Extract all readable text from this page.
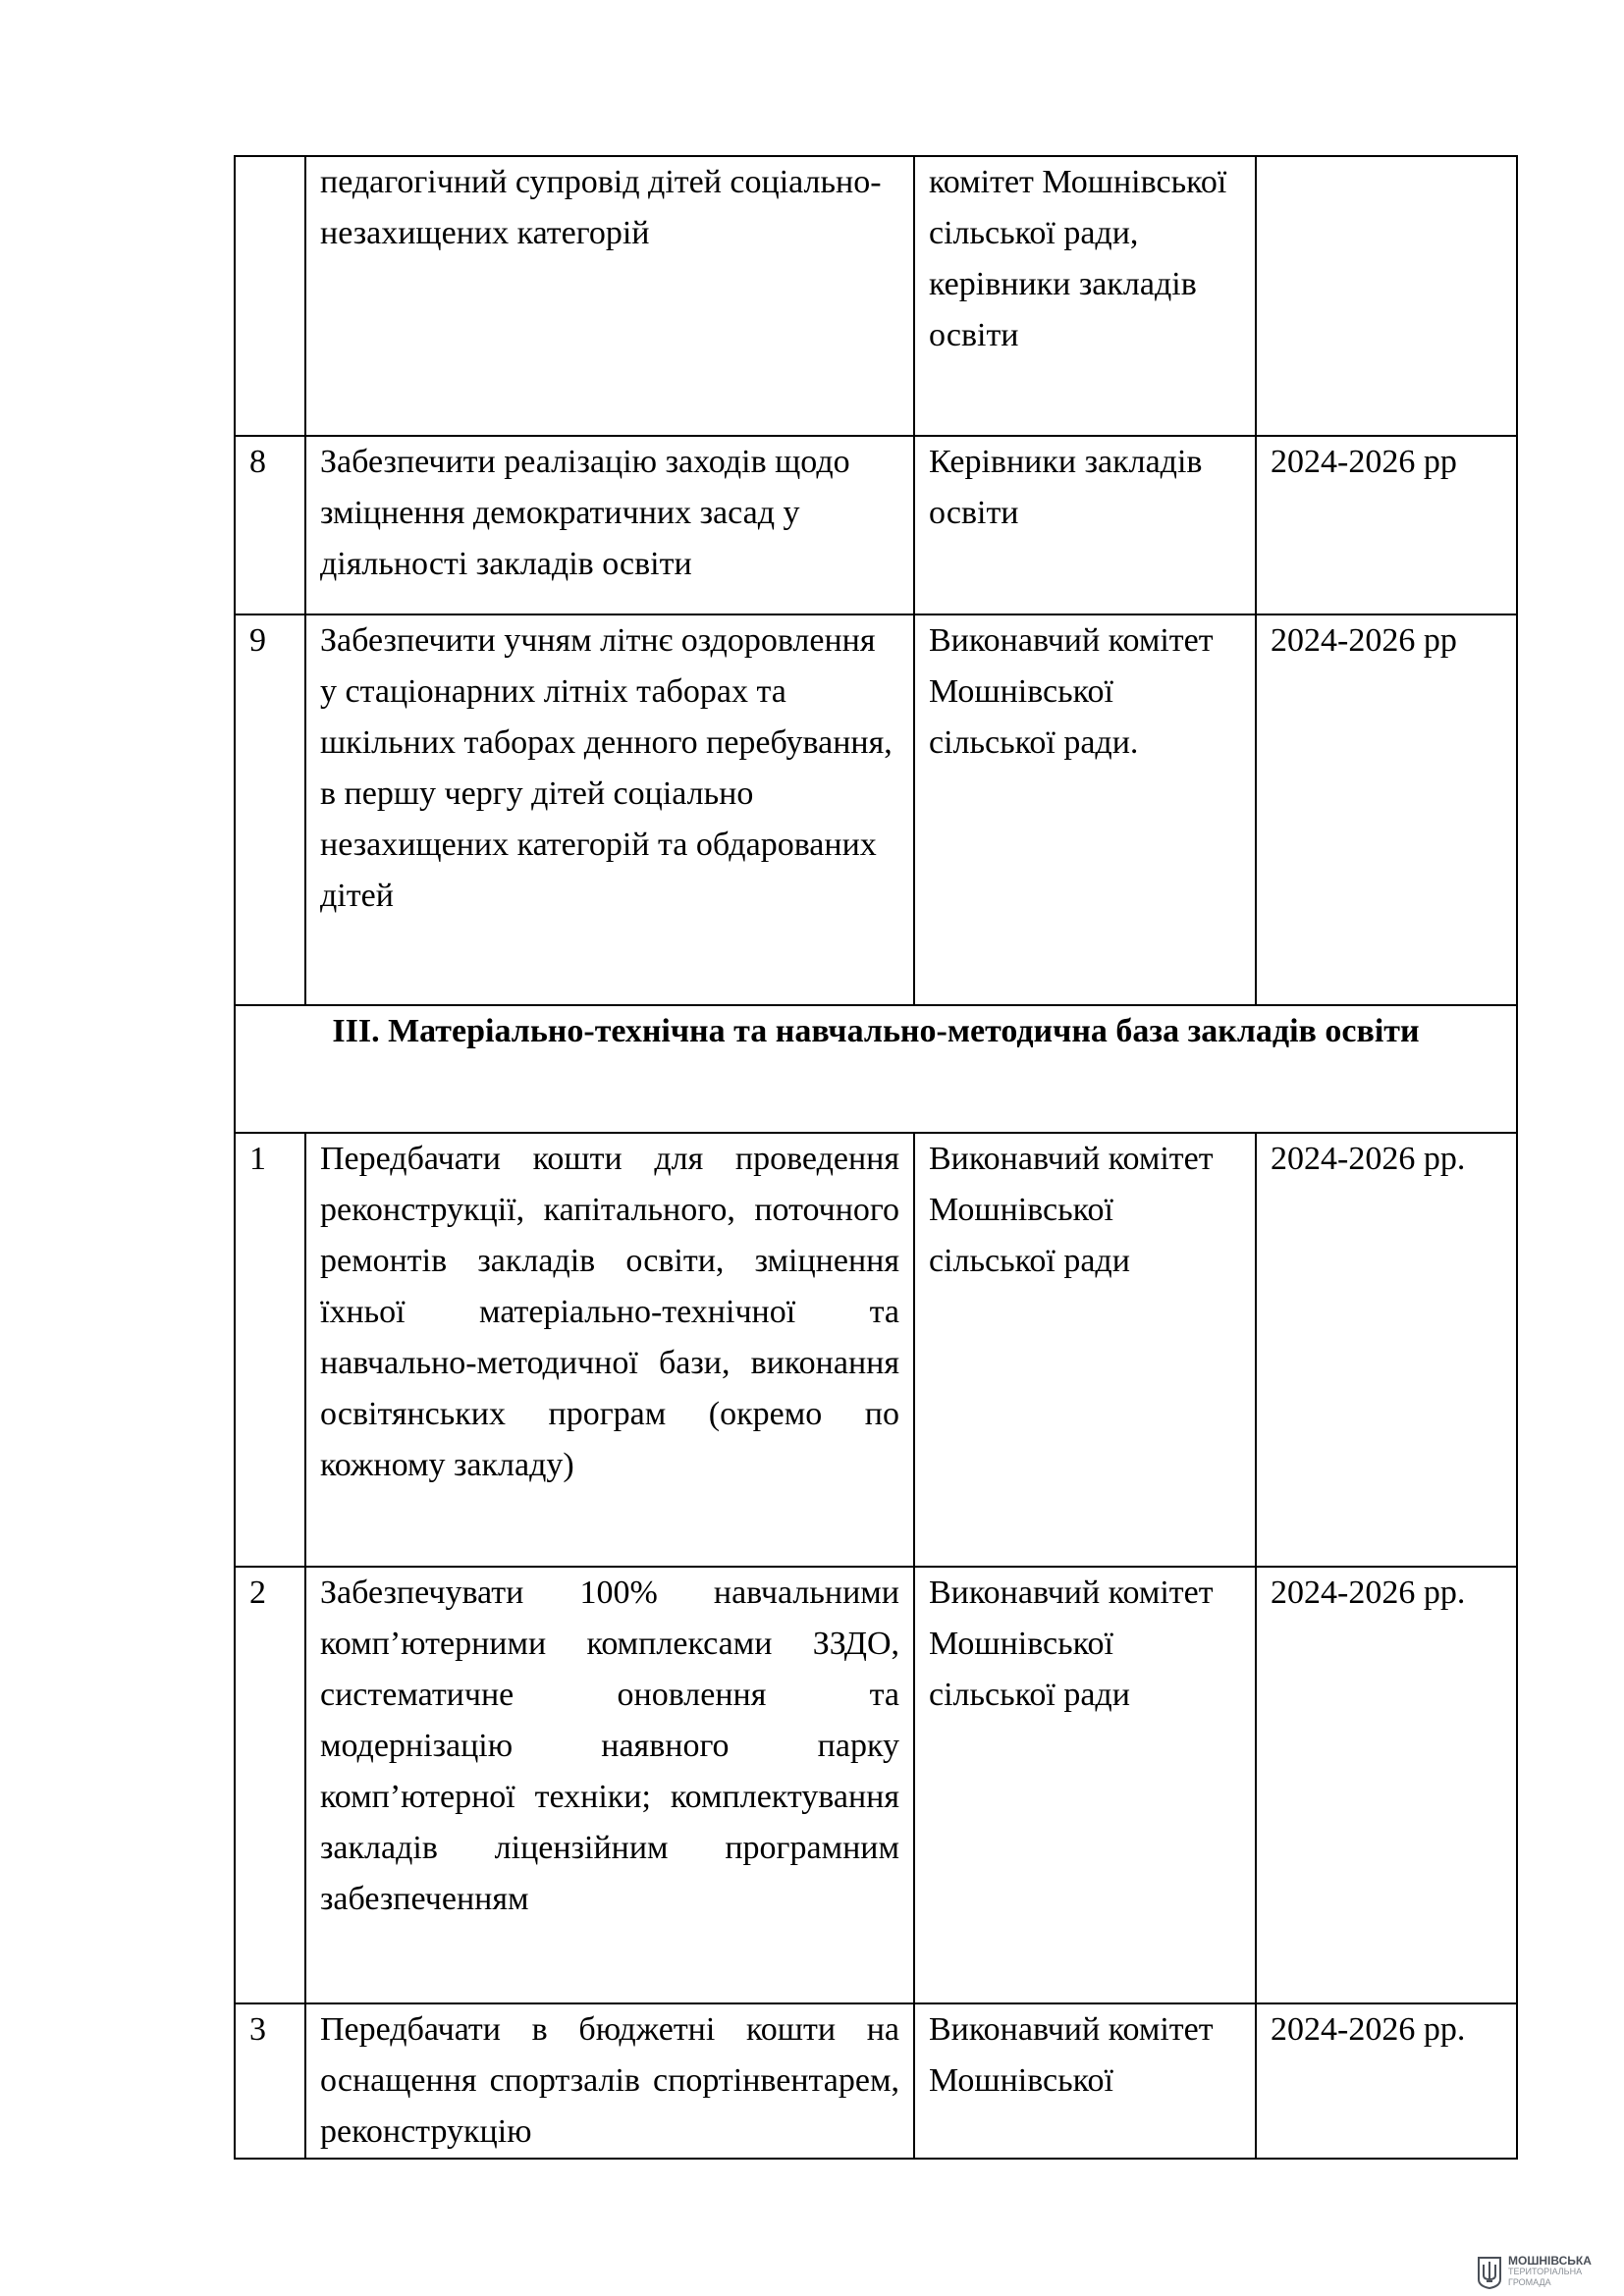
	педагогічний супровід дітей соціально-незахищених категорій	комітет Мошнівської сільської ради, керівники закладів освіти	
8	Забезпечити реалізацію заходів щодо зміцнення демократичних засад у діяльності закладів освіти	Керівники закладів освіти	2024-2026 рр
9	Забезпечити учням літнє оздоровлення у стаціонарних літніх таборах та шкільних таборах денного перебування, в першу чергу дітей соціально незахищених категорій та обдарованих дітей	Виконавчий комітет Мошнівської сільської ради.	2024-2026 рр
ІІІ. Матеріально-технічна та навчально-методична база закладів освіти			
1	Передбачати кошти для проведення реконструкції, капітального, поточного ремонтів закладів освіти, зміцнення їхньої матеріально-технічної та навчально-методичної бази, виконання освітянських програм (окремо по кожному закладу)	Виконавчий комітет Мошнівської сільської ради	2024-2026 рр.
2	Забезпечувати 100% навчальними комп’ютерними комплексами ЗЗДО, систематичне оновлення та модернізацію наявного парку комп’ютерної техніки; комплектування закладів ліцензійним програмним забезпеченням	Виконавчий комітет Мошнівської сільської ради	2024-2026 рр.
3	Передбачати в бюджетні кошти на оснащення спортзалів спортінвентарем, реконструкцію	Виконавчий комітет Мошнівської	2024-2026 рр.
МОШНІВСЬКА
ТЕРИТОРІАЛЬНА
ГРОМАДА
